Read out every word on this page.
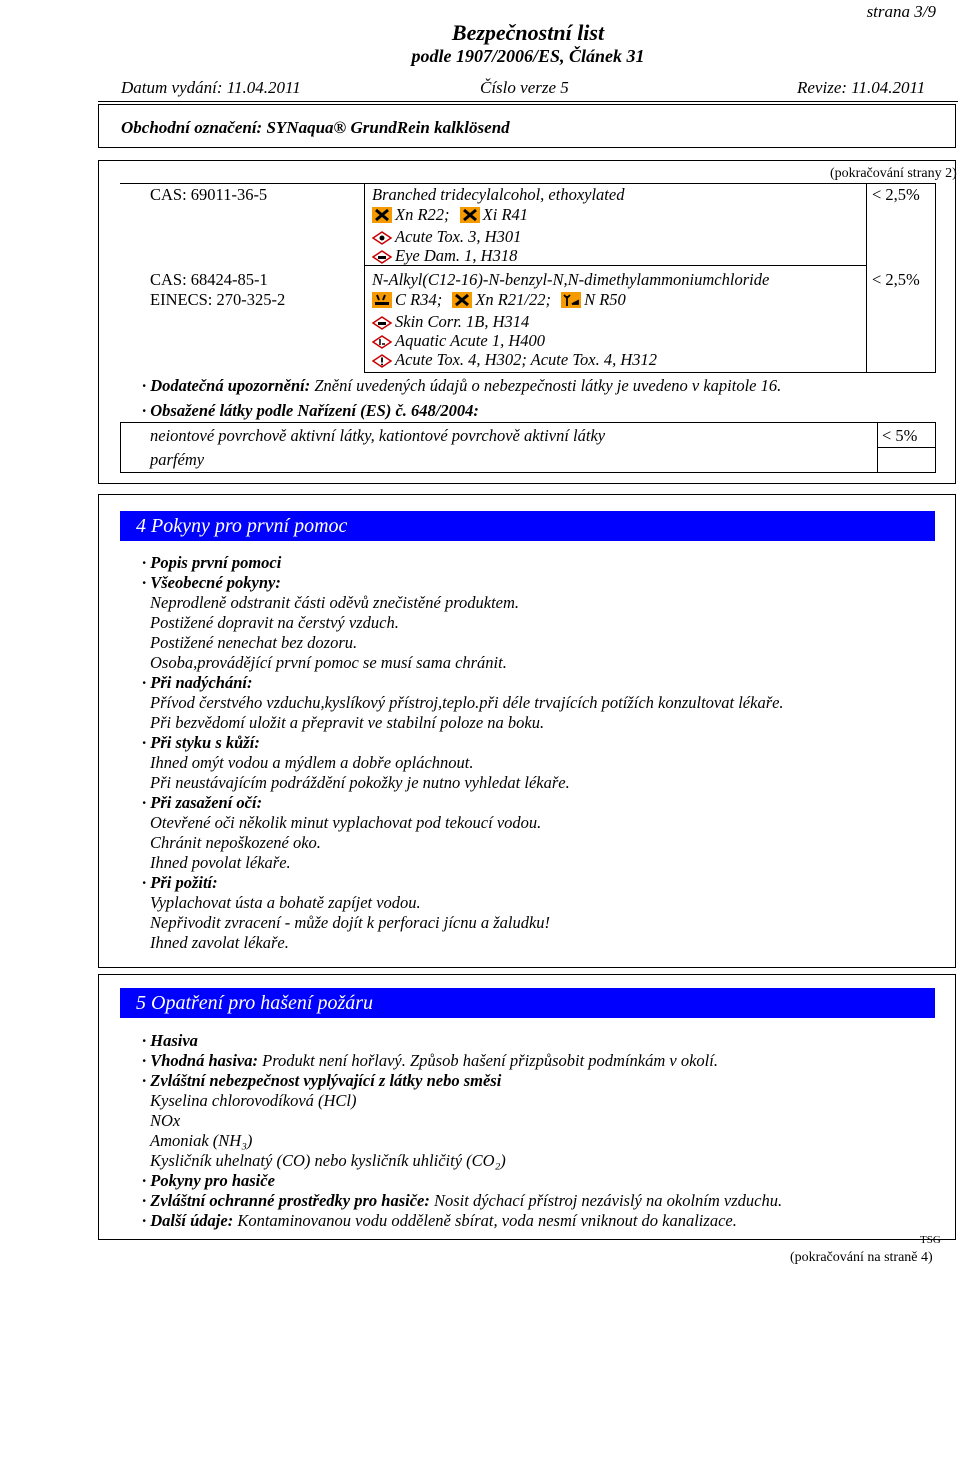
strana 3/9
Bezpečnostní list
podle 1907/2006/ES, Článek 31
Datum vydání: 11.04.2011	Číslo verze 5	Revize: 11.04.2011
Obchodní označení: SYNaqua® GrundRein kalklösend
(pokračování strany 2)
CAS: 69011-36-5	Branched tridecylalcohol, ethoxylated	< 2,5%
Xn R22; Xi R41
Acute Tox. 3, H301
Eye Dam. 1, H318
CAS: 68424-85-1
EINECS: 270-325-2
N-Alkyl(C12-16)-N-benzyl-N,N-dimethylammoniumchloride	< 2,5%
C R34; Xn R21/22; N R50
Skin Corr. 1B, H314
Aquatic Acute 1, H400
Acute Tox. 4, H302; Acute Tox. 4, H312
· Dodatečná upozornění: Znění uvedených údajů o nebezpečnosti látky je uvedeno v kapitole 16.
· Obsažené látky podle Nařízení (ES) č. 648/2004:
neiontové povrchově aktivní látky, kationtové povrchově aktivní látky	< 5%
parfémy
4 Pokyny pro první pomoc
· Popis první pomoci
· Všeobecné pokyny:
Neprodleně odstranit části oděvů znečistěné produktem.
Postižené dopravit na čerstvý vzduch.
Postižené nenechat bez dozoru.
Osoba,provádějící první pomoc se musí sama chránit.
· Při nadýchání:
Přívod čerstvého vzduchu,kyslíkový přístroj,teplo.při déle trvajících potížích konzultovat lékaře.
Při bezvědomí uložit a přepravit ve stabilní poloze na boku.
· Při styku s kůží:
Ihned omýt vodou a mýdlem a dobře opláchnout.
Při neustávajícím podráždění pokožky je nutno vyhledat lékaře.
· Při zasažení očí:
Otevřené oči několik minut vyplachovat pod tekoucí vodou.
Chránit nepoškozené oko.
Ihned povolat lékaře.
· Při požití:
Vyplachovat ústa a bohatě zapíjet vodou.
Nepřivodit zvracení - může dojít k perforaci jícnu a žaludku!
Ihned zavolat lékaře.
5 Opatření pro hašení požáru
· Hasiva
· Vhodná hasiva: Produkt není hořlavý. Způsob hašení přizpůsobit podmínkám v okolí.
· Zvláštní nebezpečnost vyplývající z látky nebo směsi
Kyselina chlorovodíková (HCl)
NOx
Amoniak (NH₃)
Kysličník uhelnatý (CO) nebo kysličník uhličitý (CO₂)
· Pokyny pro hasiče
· Zvláštní ochranné prostředky pro hasiče: Nosit dýchací přístroj nezávislý na okolním vzduchu.
· Další údaje: Kontaminovanou vodu odděleně sbírat, voda nesmí vniknout do kanalizace.
TSG
(pokračování na straně 4)
